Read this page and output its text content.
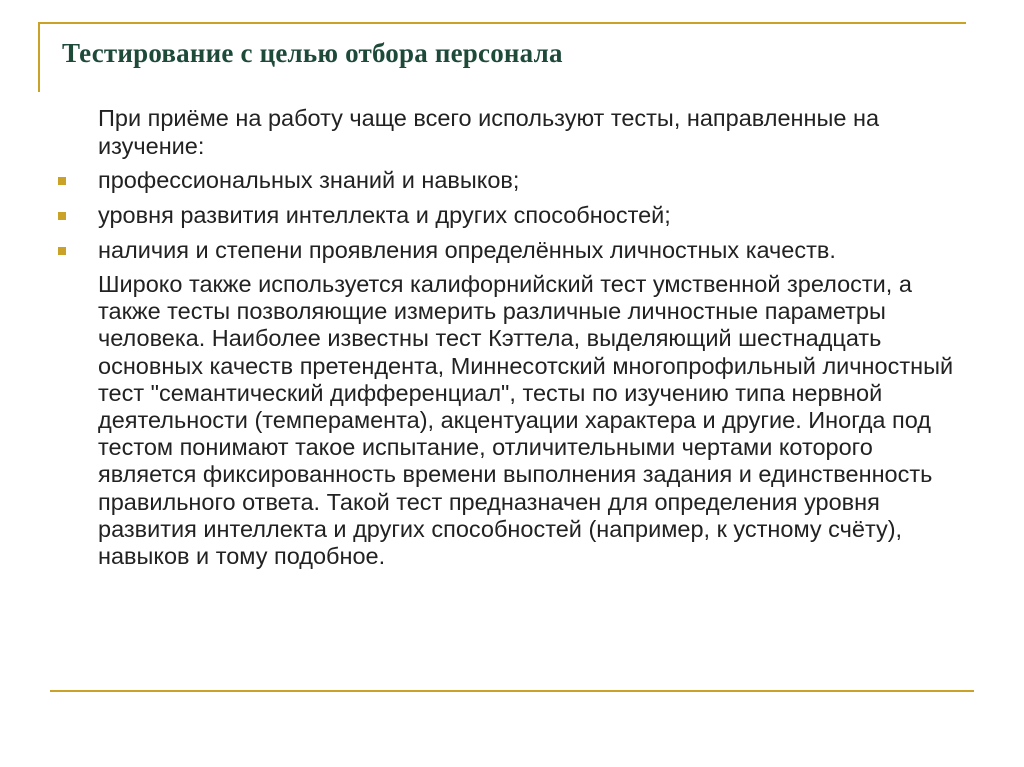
Тестирование с целью отбора персонала

При приёме на работу чаще всего используют тесты, направленные на изучение:

профессиональных знаний и навыков;
уровня развития интеллекта и других способностей;
наличия и степени проявления определённых личностных качеств.

Широко также используется калифорнийский тест умственной зрелости, а также тесты позволяющие измерить различные личностные параметры человека. Наиболее известны тест Кэттела, выделяющий шестнадцать основных качеств претендента, Миннесотский многопрофильный личностный тест "семантический дифференциал", тесты по изучению типа нервной деятельности (темперамента), акцентуации характера и другие. Иногда под тестом понимают такое испытание, отличительными чертами которого является фиксированность времени выполнения задания и единственность правильного ответа. Такой тест предназначен для определения уровня развития интеллекта и других способностей (например, к устному счёту), навыков и тому подобное.
